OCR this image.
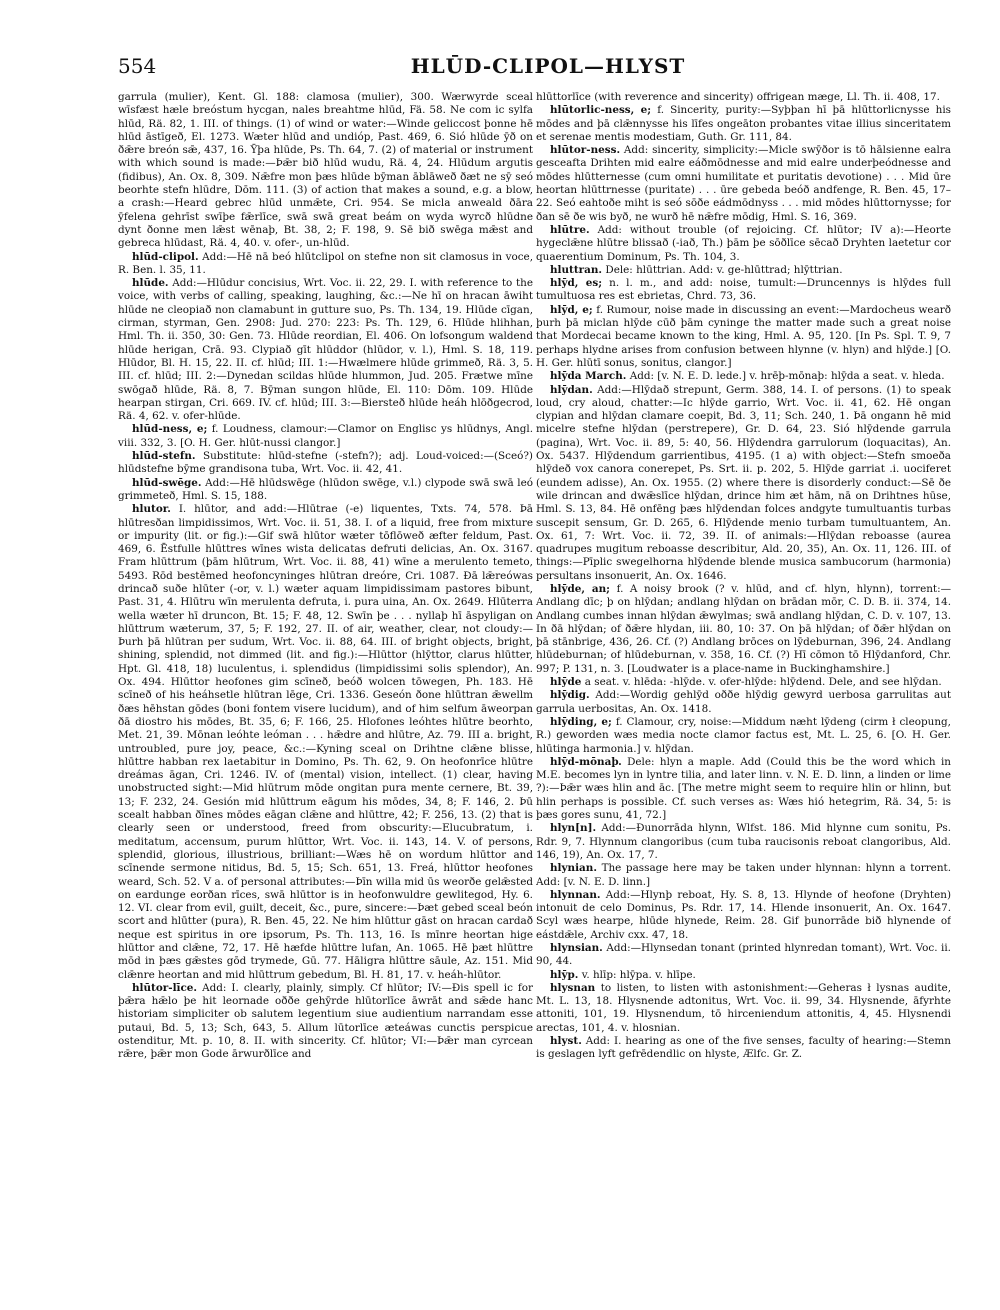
554	HLŪD-CLIPOL—HLYST

garrula (mulier), Kent. Gl. 188: clamosa (mulier), 300. Wærwyrde sceal wīsfæst hæle breóstum hycgan, nales breahtme hlūd, Fä. 58. Ne com ic sylfa hlūd, Rä. 82, 1. III. of things. (1) of wind or water:—Winde geliccost þonne hē hlūd āstīgeð, El. 1273. Wæter hlūd and undióp, Past. 469, 6. Sió hlūde ȳð on ðǣre breón sǣ, 437, 16. Ȳþa hlūde, Ps. Th. 64, 7. (2) of material or instrument with which sound is made:—Þǣr bið hlūd wudu, Rä. 4, 24. Hlūdum argutis (fidibus), An. Ox. 8, 309. Nǣfre mon þæs hlūde bȳman āblāweð ðæt ne sȳ seó beorhte stefn hlūdre, Dōm. 111. (3) of action that makes a sound, e.g. a blow, a crash:—Heard gebrec hlūd unmǣte, Cri. 954. Se micla anweald ðāra ȳfelena gehrīst swīþe fǣrlīce, swā swā great beám on wyda wyrcð hlūdne dynt ðonne men lǣst wēnaþ, Bt. 38, 2; F. 198, 9. Sē bið swēga mǣst and gebreca hlūdast, Rä. 4, 40. v. ofer-, un-hlūd.

hlūd-clipol. Add:—Hē nā beó hlūtclipol on stefne non sit clamosus in voce, R. Ben. l. 35, 11.

hlūde. Add:—Hlūdur concisius, Wrt. Voc. ii. 22, 29. I. with reference to the voice, with verbs of calling, speaking, laughing, &c.:—Ne hī on hracan āwiht hlūde ne cleopiað non clamabunt in gutture suo, Ps. Th. 134, 19. Hlūde cīgan, cirman, styrman, Gen. 2908: Jud. 270: 223: Ps. Th. 129, 6. Hlūde hlihhan, Hml. Th. ii. 350, 30: Gen. 73. Hlūde reordian, El. 406. On lofsongum waldend hlūde herigan, Crā. 93. Clypiað gīt hlūddor (hlūdor, v. l.), Hml. S. 18, 119. Hlūdor, Bl. H. 15, 22. II. cf. hlūd; III. 1:—Hwælmere hlūde grimmeð, Rä. 3, 5. III. cf. hlūd; III. 2:—Dynedan scildas hlūde hlummon, Jud. 205. Frætwe mīne swōgað hlūde, Rä. 8, 7. Bȳman sungon hlūde, El. 110: Dōm. 109. Hlūde hearpan stirgan, Cri. 669. IV. cf. hlūd; III. 3:—Biersteð hlūde heáh hlōðgecrod, Rä. 4, 62. v. ofer-hlūde.

hlūd-ness, e; f. Loudness, clamour:—Clamor on Englisc ys hlūdnys, Angl. viii. 332, 3. [O. H. Ger. hlūt-nussi clangor.]

hlūd-stefn. Substitute: hlūd-stefne (-stefn?); adj. Loud-voiced:—(Sceó?) hlūdstefne bȳme grandisona tuba, Wrt. Voc. ii. 42, 41.

hlūd-swēge. Add:—Hē hlūdswēge (hlūdon swēge, v.l.) clypode swā swā leó grimmeteð, Hml. S. 15, 188.

hlutor. I. hlūtor, and add:—Hlūtrae (-e) liquentes, Txts. 74, 578. Þā hlūtresðan limpidissimos, Wrt. Voc. ii. 51, 38. I. of a liquid, free from mixture or impurity (lit. or fig.):—Gif swā hlūtor wæter tōflōweð æfter feldum, Past. 469, 6. Ēstfulle hlūttres wīnes wista delicatas defruti delicias, An. Ox. 3167. Fram hlūttrum (þām hlūtrum, Wrt. Voc. ii. 88, 41) wīne a merulento temeto, 5493. Rōd bestēmed heofoncyninges hlūtran dreóre, Cri. 1087. Ðā lǣreówas drincað suðe hlūter (-or, v. l.) wæter aquam limpidissimam pastores bibunt, Past. 31, 4. Hlūtru wīn merulenta defruta, i. pura uina, An. Ox. 2649. Hlūterra wella wæter hī druncon, Bt. 15; F. 48, 12. Swīn þe . . . nyllaþ hī āspyligan on hlūttrum wæterum, 37, 5; F. 192, 27. II. of air, weather, clear, not cloudy:—Þurh þā hlūtran per sudum, Wrt. Voc. ii. 88, 64. III. of bright objects, bright, shining, splendid, not dimmed (lit. and fig.):—Hlūttor (hlȳttor, clarus hlūtter, Hpt. Gl. 418, 18) luculentus, i. splendidus (limpidissimi solis splendor), An. Ox. 494. Hlūttor heofones gim scīneð, beóð wolcen tōwegen, Ph. 183. Hē scīneð of his heáhsetle hlūtran lēge, Cri. 1336. Geseón ðone hlūttran ǣwellm ðæs hēhstan gōdes (boni fontem visere lucidum), and of him selfum āweorpan ðā diostro his mōdes, Bt. 35, 6; F. 166, 25. Hlofones leóhtes hlūtre beorhto, Met. 21, 39. Mōnan leóhte leóman . . . hǣdre and hlūtre, Az. 79. III a. bright, untroubled, pure joy, peace, &c.:—Kyning sceal on Drihtne clǣne blisse, hlūttre habban rex laetabitur in Domino, Ps. Th. 62, 9. On heofonrīce hlūtre dreámas āgan, Cri. 1246. IV. of (mental) vision, intellect. (1) clear, having unobstructed sight:—Mid hlūtrum mōde ongitan pura mente cernere, Bt. 39, 13; F. 232, 24. Gesión mid hlūttrum eāgum his mōdes, 34, 8; F. 146, 2. Þū scealt habban ðīnes mōdes eāgan clǣne and hlūttre, 42; F. 256, 13. (2) that is clearly seen or understood, freed from obscurity:—Elucubratum, i. meditatum, accensum, purum hlūttor, Wrt. Voc. ii. 143, 14. V. of persons, splendid, glorious, illustrious, brilliant:—Wæs hē on wordum hlūttor and scīnende sermone nitidus, Bd. 5, 15; Sch. 651, 13. Freá, hlūttor heofones weard, Sch. 52. V a. of personal attributes:—Þīn willa mid ūs weorðe gelǣsted on eardunge eorðan rīces, swā hlūttor is in heofonwuldre gewlitegod, Hy. 6. 12. VI. clear from evil, guilt, deceit, &c., pure, sincere:—Þæt gebed sceal beón scort and hlūtter (pura), R. Ben. 45, 22. Ne him hlūttur gāst on hracan cardað neque est spiritus in ore ipsorum, Ps. Th. 113, 16. Is mīnre heortan hige hlūttor and clǣne, 72, 17. Hē hæfde hlūttre lufan, An. 1065. Hē þæt hlūttre mōd in þæs gǣstes gōd trymede, Gū. 77. Hāligra hlūttre sāule, Az. 151. Mid clǣnre heortan and mid hlūttrum gebedum, Bl. H. 81, 17. v. heáh-hlūtor.

hlūtor-līce. Add: I. clearly, plainly, simply. Cf hlūtor; IV:—Ðis spell ic for þǣra hǣlo þe hit leornade oððe gehȳrde hlūtorlīce āwrāt and sǣde hanc historiam simpliciter ob salutem legentium siue audientium narrandam esse putaui, Bd. 5, 13; Sch, 643, 5. Allum lūtorlīce æteáwas cunctis perspicue ostenditur, Mt. p. 10, 8. II. with sincerity. Cf. hlūtor; VI:—Þǣr man cyrcean rǣre, þǣr mon Gode ārwurðlīce and

hlūttorlīce (with reverence and sincerity) offrigean mæge, Ll. Th. ii. 408, 17.

hlūtorlic-ness, e; f. Sincerity, purity:—Syþþan hī þā hlūttorlicnysse his mōdes and þā clǣnnysse his līfes ongeāton probantes vitae illius sinceritatem et serenae mentis modestiam, Guth. Gr. 111, 84.

hlūtor-ness. Add: sincerity, simplicity:—Micle swȳðor is tō hālsienne ealra gesceafta Drihten mid ealre eáðmōdnesse and mid ealre underþeódnesse and mōdes hlūtternesse (cum omni humilitate et puritatis devotione) . . . Mid ūre heortan hlūttrnesse (puritate) . . . ūre gebeda beóð andfenge, R. Ben. 45, 17–22. Seó eahtoðe miht is seó sōðe eádmōdnyss . . . mid mōdes hlūttornysse; for ðan sē ðe wis byð, ne wurð hē nǣfre mōdig, Hml. S. 16, 369.

hlūtre. Add: without trouble (of rejoicing. Cf. hlūtor; IV a):—Heorte hygeclǣne hlūtre blissað (-iað, Th.) þām þe sōðlīce sēcað Dryhten laetetur cor quaerentium Dominum, Ps. Th. 104, 3.

hluttran. Dele: hlūttrian. Add: v. ge-hlūttrad; hlȳttrian.

hlȳd, es; n. l. m., and add: noise, tumult:—Druncennys is hlȳdes full tumultuosa res est ebrietas, Chrd. 73, 36.

hlȳd, e; f. Rumour, noise made in discussing an event:—Mardocheus wearð þurh þā miclan hlȳde cūð þām cyninge the matter made such a great noise that Mordecai became known to the king, Hml. A. 95, 120. [In Ps. Spl. T. 9, 7 perhaps hlydne arises from confusion between hlynne (v. hlyn) and hlȳde.] [O. H. Ger. hlūtī sonus, sonitus, clangor.]

hlȳda March. Add: [v. N. E. D. lede.] v. hrēþ-mōnaþ: hlȳda a seat. v. hleda.

hlȳdan. Add:—Hlȳdað strepunt, Germ. 388, 14. I. of persons. (1) to speak loud, cry aloud, chatter:—Ic hlȳde garrio, Wrt. Voc. ii. 41, 62. Hē ongan clypian and hlȳdan clamare coepit, Bd. 3, 11; Sch. 240, 1. Þā ongann hē mid micelre stefne hlȳdan (perstrepere), Gr. D. 64, 23. Sió hlȳdende garrula (pagina), Wrt. Voc. ii. 89, 5: 40, 56. Hlȳdendra garrulorum (loquacitas), An. Ox. 5437. Hlȳdendum garrientibus, 4195. (1 a) with object:—Stefn smoeða hlȳdeð vox canora conerepet, Ps. Srt. ii. p. 202, 5. Hlȳde garriat .i. uociferet (eundem adisse), An. Ox. 1955. (2) where there is disorderly conduct:—Sē ðe wile drincan and dwǣslīce hlȳdan, drince him æt hām, nā on Drihtnes hūse, Hml. S. 13, 84. Hē onfēng þæs hlȳdendan folces andgyte tumultuantis turbas suscepit sensum, Gr. D. 265, 6. Hlȳdende menio turbam tumultuantem, An. Ox. 61, 7: Wrt. Voc. ii. 72, 39. II. of animals:—Hlȳdan reboasse (aurea quadrupes mugitum reboasse describitur, Ald. 20, 35), An. Ox. 11, 126. III. of things:—Pīplic swegelhorna hlȳdende blende musica sambucorum (harmonia) persultans insonuerit, An. Ox. 1646.

hlȳde, an; f. A noisy brook (? v. hlūd, and cf. hlyn, hlynn), torrent:—Andlang dīc; þ on hlȳdan; andlang hlȳdan on brādan mōr, C. D. B. ii. 374, 14. Andlang cumbes innan hlȳdan ǣwylmas; swā andlang hlȳdan, C. D. v. 107, 13. In ðā hlȳdan; of ðǣre hlydan, iii. 80, 10: 37. On þā hlȳdan; of ðǣr hlȳdan on þā stānbrige, 436, 26. Cf. (?) Andlang brōces on lȳdeburnan, 396, 24. Andlang hlūdeburnan; of hlūdeburnan, v. 358, 16. Cf. (?) Hī cōmon tō Hlȳdanford, Chr. 997; P. 131, n. 3. [Loudwater is a place-name in Buckinghamshire.]

hlȳde a seat. v. hlēda: -hlȳde. v. ofer-hlȳde: hlȳdend. Dele, and see hlȳdan.

hlȳdig. Add:—Wordig gehlȳd oððe hlȳdig gewyrd uerbosa garrulitas aut garrula uerbositas, An. Ox. 1418.

hlȳding, e; f. Clamour, cry, noise:—Middum næht lȳdeng (cirm ł cleopung, R.) geworden wæs media nocte clamor factus est, Mt. L. 25, 6. [O. H. Ger. hlūtinga harmonia.] v. hlȳdan.

hlȳd-mōnaþ. Dele: hlyn a maple. Add (Could this be the word which in M.E. becomes lyn in lyntre tilia, and later linn. v. N. E. D. linn, a linden or lime ?):—Þǣr wæs hlin and āc. [The metre might seem to require hlin or hlinn, but hlin perhaps is possible. Cf. such verses as: Wæs hió hetegrim, Rä. 34, 5: is þæs gores sunu, 41, 72.]

hlyn[n]. Add:—Ðunorrāda hlynn, Wlfst. 186. Mid hlynne cum sonitu, Ps. Rdr. 9, 7. Hlynnum clangoribus (cum tuba raucisonis reboat clangoribus, Ald. 146, 19), An. Ox. 17, 7.

hlynian. The passage here may be taken under hlynnan: hlynn a torrent. Add: [v. N. E. D. linn.]

hlynnan. Add:—Hlynþ reboat, Hy. S. 8, 13. Hlynde of heofone (Dryhten) intonuit de celo Dominus, Ps. Rdr. 17, 14. Hlende insonuerit, An. Ox. 1647. Scyl wæs hearpe, hlūde hlynede, Reim. 28. Gif þunorrāde bið hlynende of eástdǣle, Archiv cxx. 47, 18.

hlynsian. Add:—Hlynsedan tonant (printed hlynredan tomant), Wrt. Voc. ii. 90, 44.

hlȳp. v. hlīp: hlȳpa. v. hlīpe.

hlysnan to listen, to listen with astonishment:—Geheras ł lysnas audite, Mt. L. 13, 18. Hlysnende adtonitus, Wrt. Voc. ii. 99, 34. Hlysnende, āfyrhte attoniti, 101, 19. Hlysnendum, tō hirceniendum attonitis, 4, 45. Hlysnendi arectas, 101, 4. v. hlosnian.

hlyst. Add: I. hearing as one of the five senses, faculty of hearing:—Stemn is geslagen lyft gefrēdendlic on hlyste, Ælfc. Gr. Z.
